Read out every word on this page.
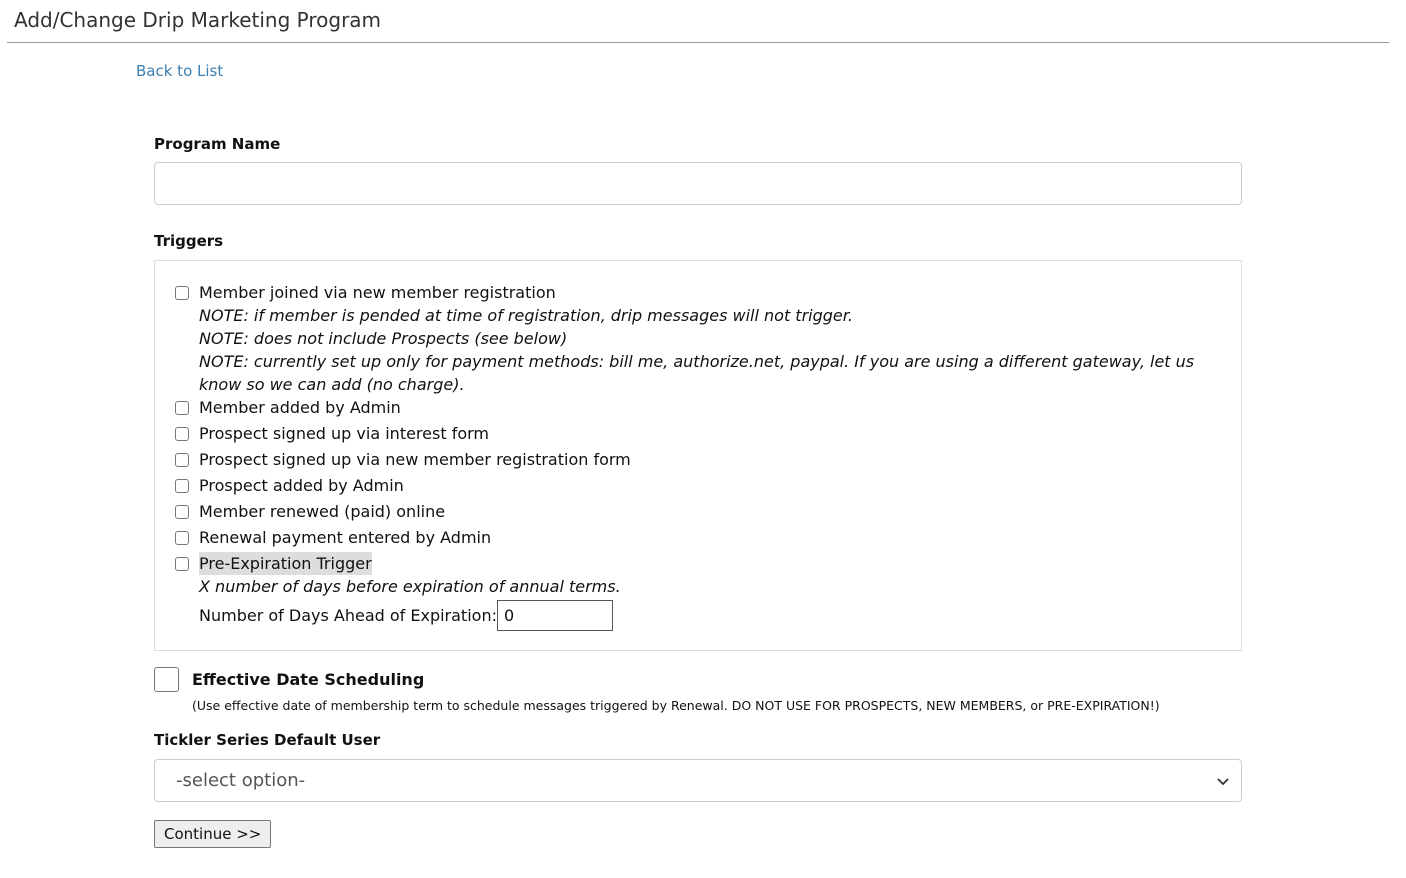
Add/Change Drip Marketing Program
Back to List
Program Name
Triggers
Member joined via new member registration
NOTE: if member is pended at time of registration, drip messages will not trigger.
NOTE: does not include Prospects (see below)
NOTE: currently set up only for payment methods: bill me, authorize.net, paypal. If you are using a different gateway, let us know so we can add (no charge).
Member added by Admin
Prospect signed up via interest form
Prospect signed up via new member registration form
Prospect added by Admin
Member renewed (paid) online
Renewal payment entered by Admin
Pre-Expiration Trigger
X number of days before expiration of annual terms.
Number of Days Ahead of Expiration: 0
Effective Date Scheduling
(Use effective date of membership term to schedule messages triggered by Renewal. DO NOT USE FOR PROSPECTS, NEW MEMBERS, or PRE-EXPIRATION!)
Tickler Series Default User
-select option-
Continue >>
